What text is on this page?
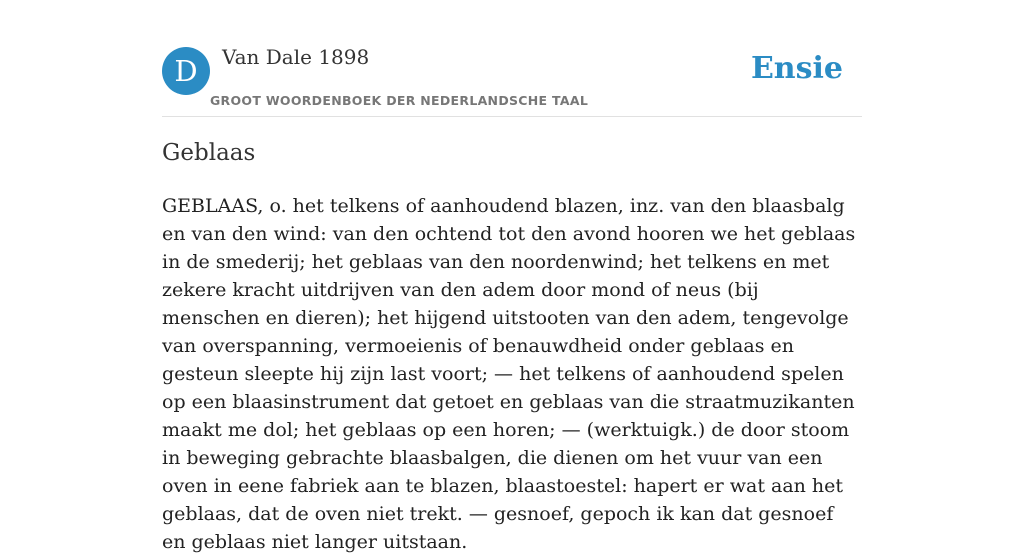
D	Van Dale 1898
GROOT WOORDENBOEK DER NEDERLANDSCHE TAAL
Ensie
Geblaas

GEBLAAS, o. het telkens of aanhoudend blazen, inz. van den blaasbalg en van den wind: van den ochtend tot den avond hooren we het geblaas in de smederij; het geblaas van den noordenwind; het telkens en met zekere kracht uitdrijven van den adem door mond of neus (bij menschen en dieren); het hijgend uitstooten van den adem, tengevolge van overspanning, vermoeienis of benauwdheid onder geblaas en gesteun sleepte hij zijn last voort; — het telkens of aanhoudend spelen op een blaasinstrument dat getoet en geblaas van die straatmuzikanten maakt me dol; het geblaas op een horen; — (werktuigk.) de door stoom in beweging gebrachte blaasbalgen, die dienen om het vuur van een oven in eene fabriek aan te blazen, blaastoestel: hapert er wat aan het geblaas, dat de oven niet trekt. — gesnoef, gepoch ik kan dat gesnoef en geblaas niet langer uitstaan.
